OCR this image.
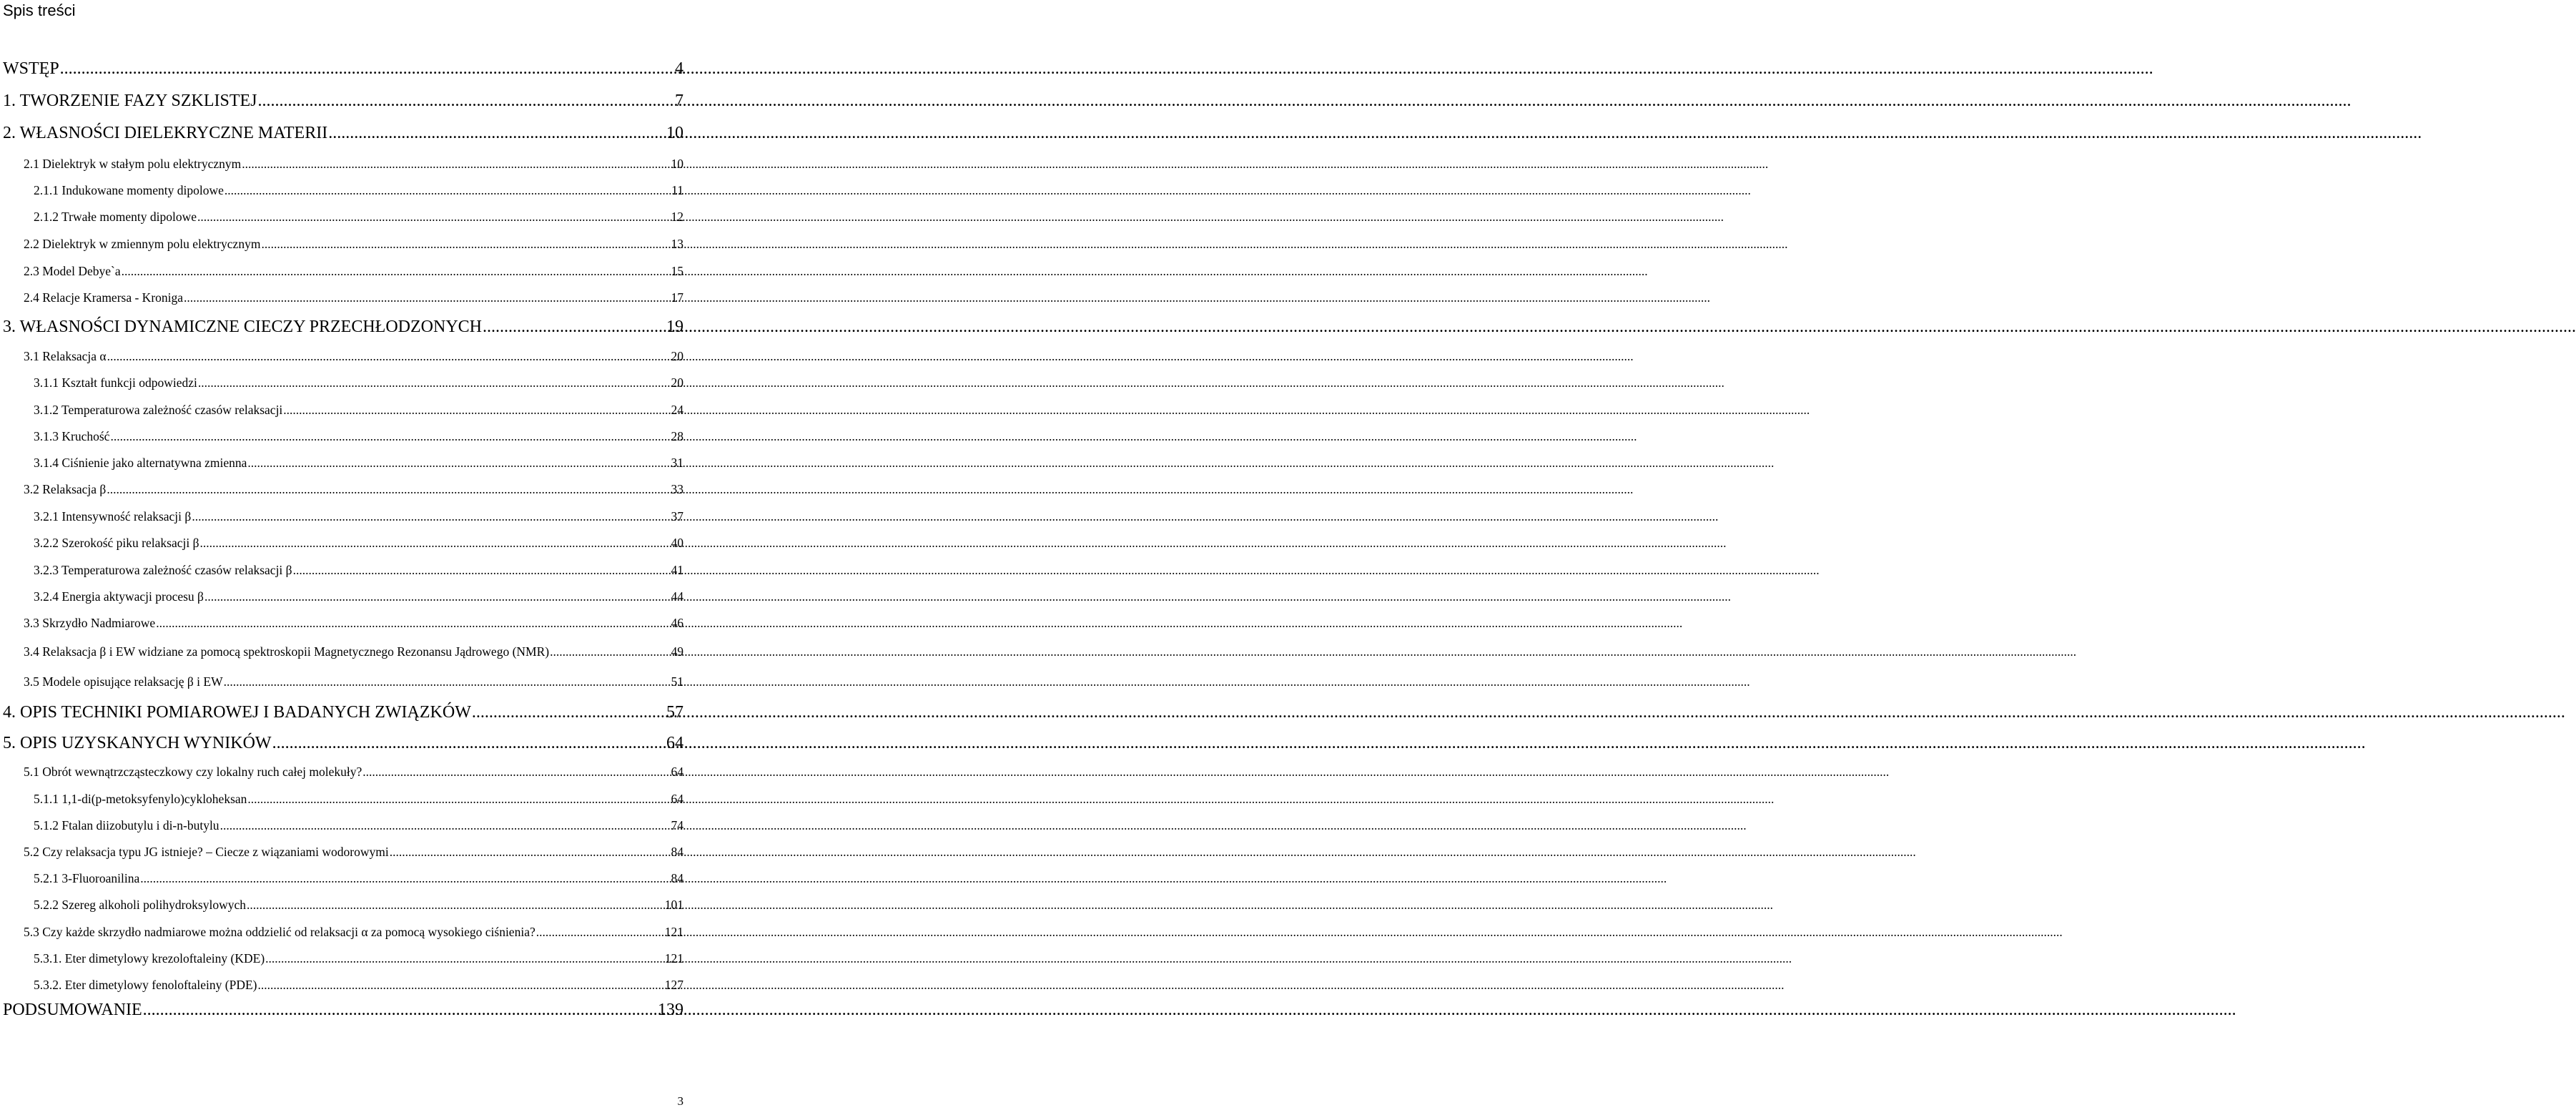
Spis treści
WSTĘP .....	4
1. TWORZENIE FAZY SZKLISTEJ .....	7
2. WŁASNOŚCI DIELEKRYCZNE MATERII .....	10
2.1 Dielektryk w stałym polu elektrycznym .....	10
2.1.1 Indukowane momenty dipolowe .....	11
2.1.2 Trwałe momenty dipolowe .....	12
2.2 Dielektryk w zmiennym polu elektrycznym .....	13
2.3 Model Debye`a .....	15
2.4 Relacje Kramersa - Kroniga .....	17
3. WŁASNOŚCI DYNAMICZNE CIECZY PRZECHŁODZONYCH .....	19
3.1 Relaksacja α .....	20
3.1.1 Kształt funkcji odpowiedzi .....	20
3.1.2 Temperaturowa zależność czasów relaksacji .....	24
3.1.3 Kruchość .....	28
3.1.4 Ciśnienie jako alternatywna zmienna .....	31
3.2 Relaksacja β .....	33
3.2.1 Intensywność relaksacji β .....	37
3.2.2 Szerokość piku relaksacji β .....	40
3.2.3 Temperaturowa zależność czasów relaksacji β .....	41
3.2.4 Energia aktywacji procesu β .....	44
3.3 Skrzydło Nadmiarowe .....	46
3.4 Relaksacja β i EW widziane za pomocą spektroskopii Magnetycznego Rezonansu Jądrowego (NMR) .....	49
3.5 Modele opisujące relaksację β i EW .....	51
4. OPIS TECHNIKI POMIAROWEJ I BADANYCH ZWIĄZKÓW .....	57
5. OPIS UZYSKANYCH WYNIKÓW .....	64
5.1 Obrót wewnątrzcząsteczkowy czy lokalny ruch całej molekuły? .....	64
5.1.1 1,1-di(p-metoksyfenylo)cykloheksan .....	64
5.1.2 Ftalan diizobutylu i di-n-butylu .....	74
5.2 Czy relaksacja typu JG istnieje? – Ciecze z wiązaniami wodorowymi .....	84
5.2.1 3-Fluoroanilina .....	84
5.2.2 Szereg alkoholi polihydroksylowych .....	101
5.3 Czy każde skrzydło nadmiarowe można oddzielić od relaksacji α za pomocą wysokiego ciśnienia? .....	121
5.3.1. Eter dimetylowy krezoloftaleiny (KDE) .....	121
5.3.2. Eter dimetylowy fenoloftaleiny (PDE) .....	127
PODSUMOWANIE .....	139
3
